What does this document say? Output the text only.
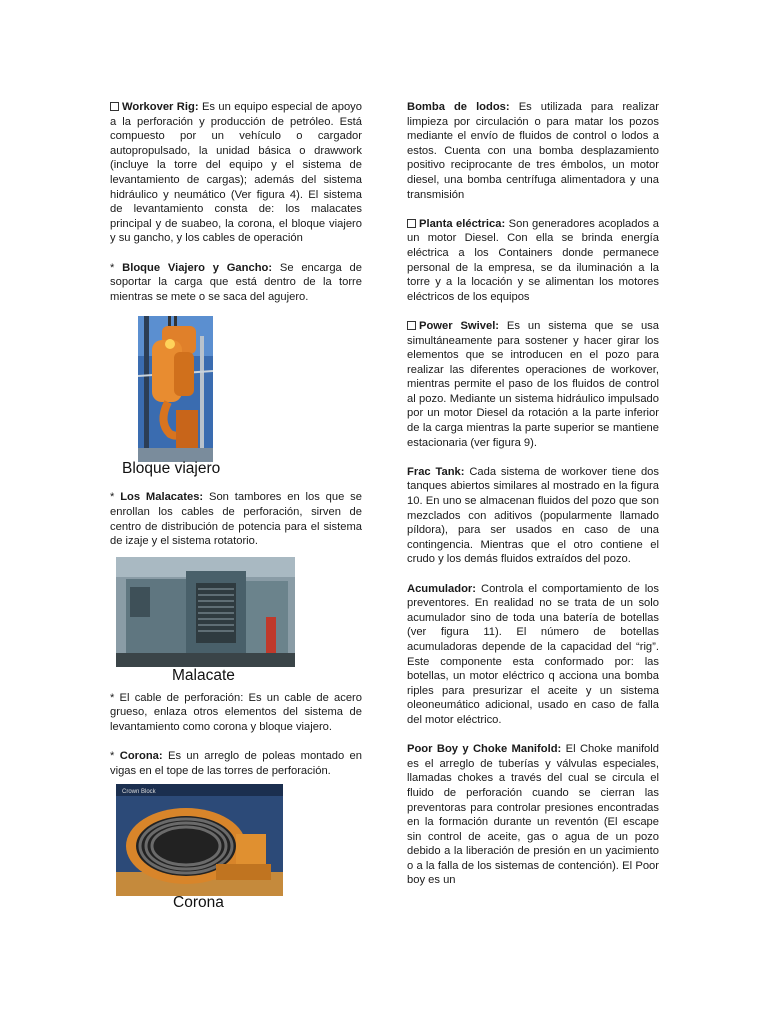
Workover Rig: Es un equipo especial de apoyo a la perforación y producción de petróleo. Está compuesto por un vehículo o cargador autopropulsado, la unidad básica o drawwork (incluye la torre del equipo y el sistema de levantamiento de cargas); además del sistema hidráulico y neumático (Ver figura 4). El sistema de levantamiento consta de: los malacates principal y de suabeo, la corona, el bloque viajero y su gancho, y los cables de operación

* Bloque Viajero y Gancho: Se encarga de soportar la carga que está dentro de la torre mientras se mete o se saca del agujero.

Bloque viajero

* Los Malacates: Son tambores en los que se enrollan los cables de perforación, sirven de centro de distribución de potencia para el sistema de izaje y el sistema rotatorio.

Malacate

* El cable de perforación: Es un cable de acero grueso, enlaza otros elementos del sistema de levantamiento como corona y bloque viajero.

* Corona: Es un arreglo de poleas montado en vigas en el tope de las torres de perforación.

Crown Block
Corona

Bomba de lodos: Es utilizada para realizar limpieza por circulación o para matar los pozos mediante el envío de fluidos de control o lodos a estos. Cuenta con una bomba desplazamiento positivo reciprocante de tres émbolos, un motor diesel, una bomba centrífuga alimentadora y una transmisión

Planta eléctrica: Son generadores acoplados a un motor Diesel. Con ella se brinda energía eléctrica a los Containers donde permanece personal de la empresa, se da iluminación a la torre y a la locación y se alimentan los motores eléctricos de los equipos

Power Swivel: Es un sistema que se usa simultáneamente para sostener y hacer girar los elementos que se introducen en el pozo para realizar las diferentes operaciones de workover, mientras permite el paso de los fluidos de control al pozo. Mediante un sistema hidráulico impulsado por un motor Diesel da rotación a la parte inferior de la carga mientras la parte superior se mantiene estacionaria (ver figura 9).

Frac Tank: Cada sistema de workover tiene dos tanques abiertos similares al mostrado en la figura 10. En uno se almacenan fluidos del pozo que son mezclados con aditivos (popularmente llamado píldora), para ser usados en caso de una contingencia. Mientras que el otro contiene el crudo y los demás fluidos extraídos del pozo.

Acumulador: Controla el comportamiento de los preventores. En realidad no se trata de un solo acumulador sino de toda una batería de botellas (ver figura 11). El número de botellas acumuladoras depende de la capacidad del “rig”. Este componente esta conformado por: las botellas, un motor eléctrico q acciona una bomba riples para presurizar el aceite y un sistema oleoneumático adicional, usado en caso de falla del motor eléctrico.

Poor Boy y Choke Manifold: El Choke manifold es el arreglo de tuberías y válvulas especiales, llamadas chokes a través del cual se circula el fluido de perforación cuando se cierran las preventoras para controlar presiones encontradas en la formación durante un reventón (El escape sin control de aceite, gas o agua de un pozo debido a la liberación de presión en un yacimiento o a la falla de los sistemas de contención). El Poor boy es un
